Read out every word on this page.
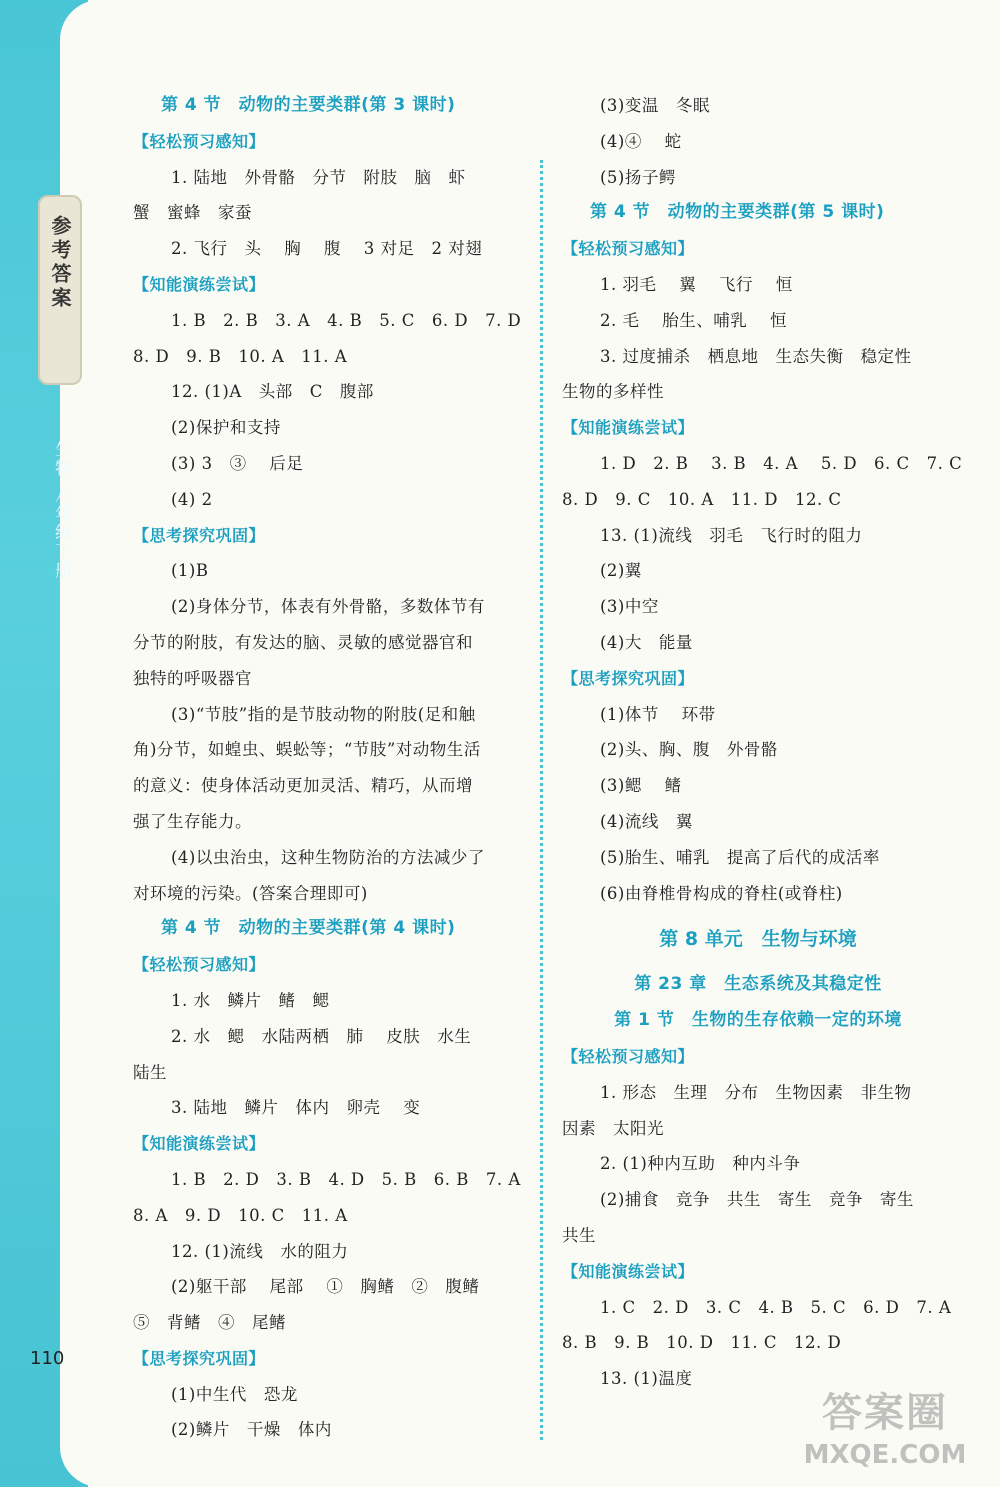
参考答案
生物 八年级下册
110
第 4 节　动物的主要类群(第 3 课时)
【轻松预习感知】
1. 陆地　外骨骼　分节　附肢　脑　虾
蟹　蜜蜂　家蚕
2. 飞行　头　 胸　 腹　 3 对足　2 对翅
【知能演练尝试】
1. B　2. B　3. A　4. B　5. C　6. D　7. D
8. D　9. B　10. A　11. A
12. (1)A　头部　C　腹部
(2)保护和支持
(3) 3　③　 后足
(4) 2
【思考探究巩固】
(1)B
(2)身体分节，体表有外骨骼，多数体节有
分节的附肢，有发达的脑、灵敏的感觉器官和
独特的呼吸器官
(3)“节肢”指的是节肢动物的附肢(足和触
角)分节，如蝗虫、蜈蚣等；“节肢”对动物生活
的意义：使身体活动更加灵活、精巧，从而增
强了生存能力。
(4)以虫治虫，这种生物防治的方法减少了
对环境的污染。(答案合理即可)
第 4 节　动物的主要类群(第 4 课时)
【轻松预习感知】
1. 水　鳞片　鳍　鳃
2. 水　鳃　水陆两栖　肺　 皮肤　水生
陆生
3. 陆地　鳞片　体内　卵壳　 变
【知能演练尝试】
1. B　2. D　3. B　4. D　5. B　6. B　7. A
8. A　9. D　10. C　11. A
12. (1)流线　水的阻力
(2)躯干部　 尾部　 ①　胸鳍　②　腹鳍
⑤　背鳍　④　尾鳍
【思考探究巩固】
(1)中生代　恐龙
(2)鳞片　干燥　体内
(3)变温　冬眠
(4)④　 蛇
(5)扬子鳄
第 4 节　动物的主要类群(第 5 课时)
【轻松预习感知】
1. 羽毛　 翼　 飞行　 恒
2. 毛　 胎生、哺乳　 恒
3. 过度捕杀　栖息地　生态失衡　稳定性
生物的多样性
【知能演练尝试】
1. D　2. B　 3. B　4. A　 5. D　6. C　7. C
8. D　9. C　10. A　11. D　12. C
13. (1)流线　羽毛　飞行时的阻力
(2)翼
(3)中空
(4)大　能量
【思考探究巩固】
(1)体节　 环带
(2)头、胸、腹　外骨骼
(3)鳃　 鳍
(4)流线　翼
(5)胎生、哺乳　提高了后代的成活率
(6)由脊椎骨构成的脊柱(或脊柱)
第 8 单元　生物与环境
第 23 章　生态系统及其稳定性
第 1 节　生物的生存依赖一定的环境
【轻松预习感知】
1. 形态　生理　分布　生物因素　非生物
因素　太阳光
2. (1)种内互助　种内斗争
(2)捕食　竞争　共生　寄生　竞争　寄生
共生
【知能演练尝试】
1. C　2. D　3. C　4. B　5. C　6. D　7. A
8. B　9. B　10. D　11. C　12. D
13. (1)温度
答案圈
MXQE.COM
